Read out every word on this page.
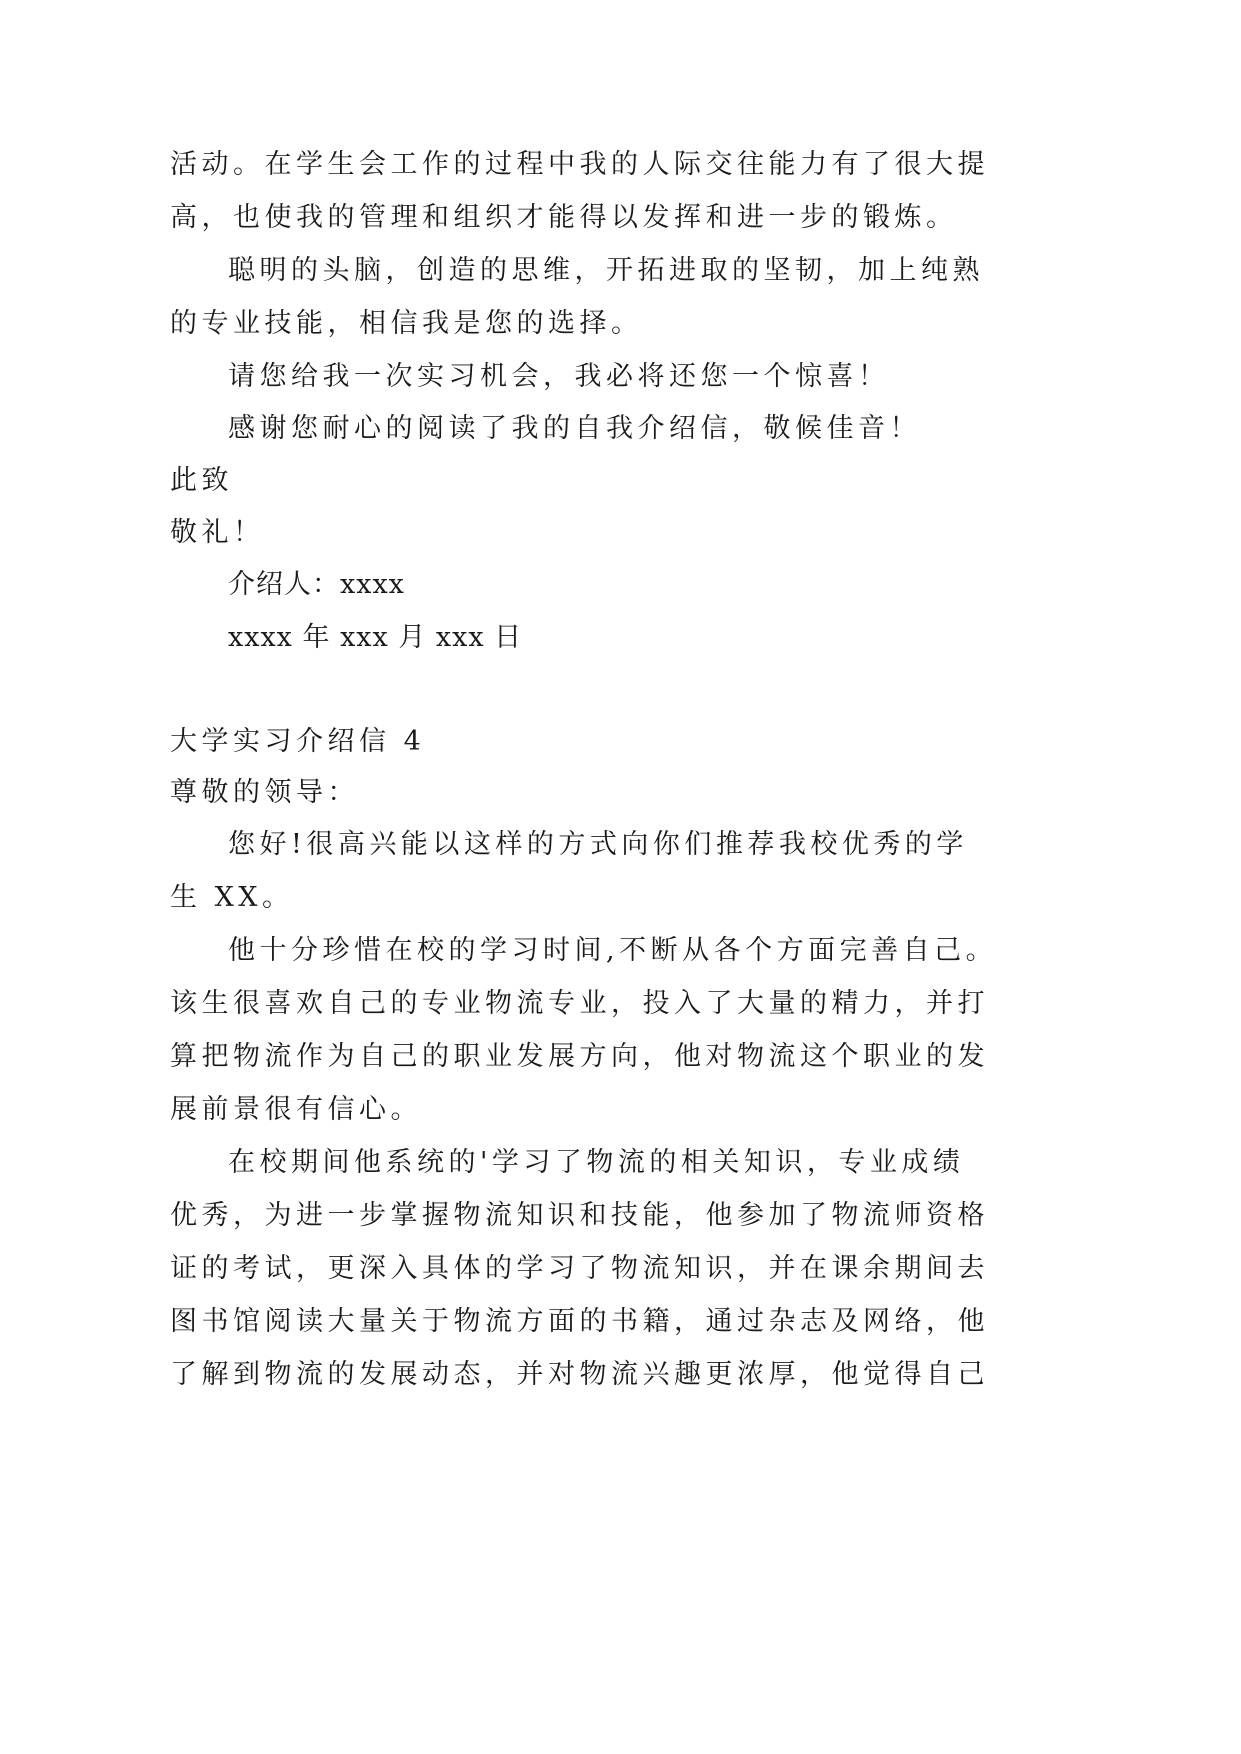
活动。在学生会工作的过程中我的人际交往能力有了很大提
高，也使我的管理和组织才能得以发挥和进一步的锻炼。
聪明的头脑，创造的思维，开拓进取的坚韧，加上纯熟
的专业技能，相信我是您的选择。
请您给我一次实习机会，我必将还您一个惊喜！
感谢您耐心的阅读了我的自我介绍信，敬候佳音！
此致
敬礼！
介绍人：xxxx
xxxx 年 xxx 月 xxx 日
大学实习介绍信 4
尊敬的领导：
您好!很高兴能以这样的方式向你们推荐我校优秀的学
生 XX。
他十分珍惜在校的学习时间,不断从各个方面完善自己。
该生很喜欢自己的专业物流专业，投入了大量的精力，并打
算把物流作为自己的职业发展方向，他对物流这个职业的发
展前景很有信心。
在校期间他系统的'学习了物流的相关知识，专业成绩
优秀，为进一步掌握物流知识和技能，他参加了物流师资格
证的考试，更深入具体的学习了物流知识，并在课余期间去
图书馆阅读大量关于物流方面的书籍，通过杂志及网络，他
了解到物流的发展动态，并对物流兴趣更浓厚，他觉得自己
